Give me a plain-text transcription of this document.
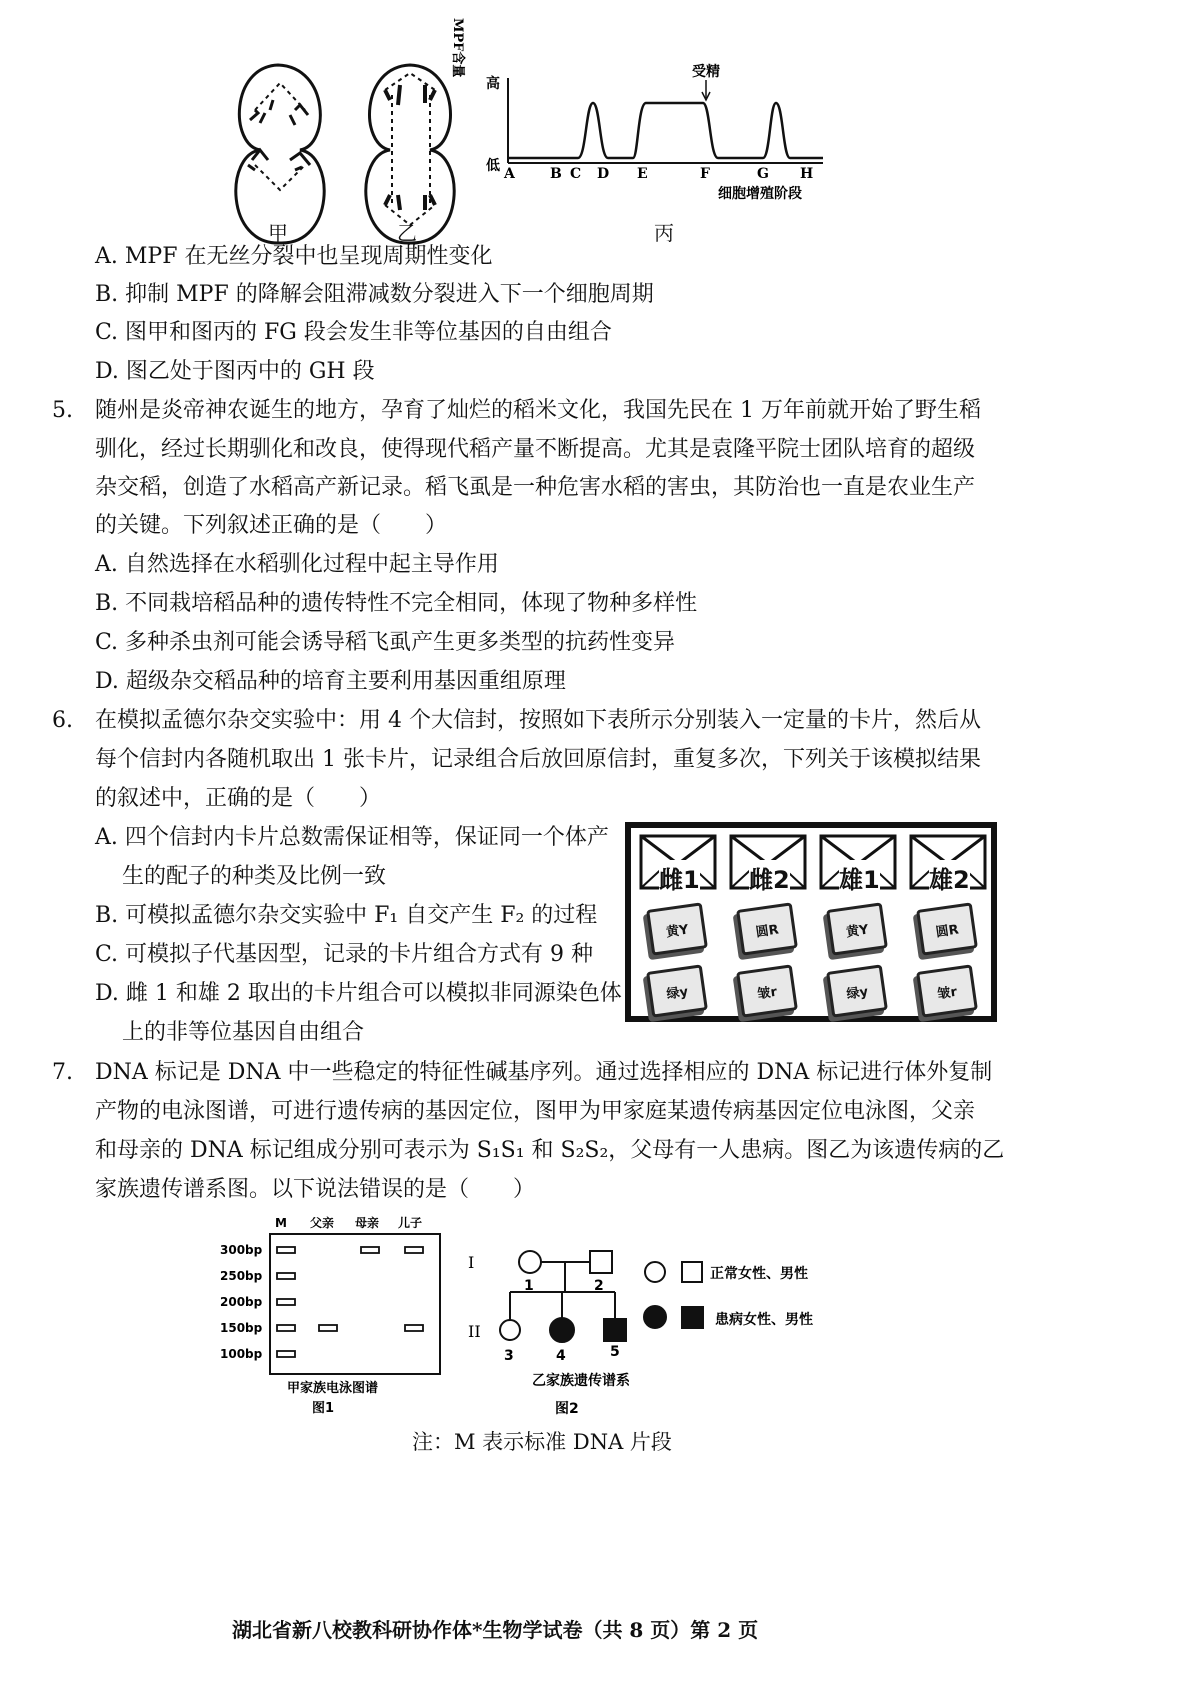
甲	乙	丙
受精
高
低
MPF含量
A	B C D E	F	G H
细胞增殖阶段
A. MPF 在无丝分裂中也呈现周期性变化
B. 抑制 MPF 的降解会阻滞减数分裂进入下一个细胞周期
C. 图甲和图丙的 FG 段会发生非等位基因的自由组合
D. 图乙处于图丙中的 GH 段
5. 随州是炎帝神农诞生的地方，孕育了灿烂的稻米文化，我国先民在 1 万年前就开始了野生稻
驯化，经过长期驯化和改良，使得现代稻产量不断提高。尤其是袁隆平院士团队培育的超级
杂交稻，创造了水稻高产新记录。稻飞虱是一种危害水稻的害虫，其防治也一直是农业生产
的关键。下列叙述正确的是（　　）
A. 自然选择在水稻驯化过程中起主导作用
B. 不同栽培稻品种的遗传特性不完全相同，体现了物种多样性
C. 多种杀虫剂可能会诱导稻飞虱产生更多类型的抗药性变异
D. 超级杂交稻品种的培育主要利用基因重组原理
6. 在模拟孟德尔杂交实验中：用 4 个大信封，按照如下表所示分别装入一定量的卡片，然后从
每个信封内各随机取出 1 张卡片，记录组合后放回原信封，重复多次，下列关于该模拟结果
的叙述中，正确的是（　　）
A. 四个信封内卡片总数需保证相等，保证同一个体产
生的配子的种类及比例一致
B. 可模拟孟德尔杂交实验中 F₁ 自交产生 F₂ 的过程
C. 可模拟子代基因型，记录的卡片组合方式有 9 种
D. 雌 1 和雄 2 取出的卡片组合可以模拟非同源染色体
上的非等位基因自由组合
雌1
黄Y
绿y
雌2
圆R
皱r
雄1
黄Y
绿y
雄2
圆R
皱r
7. DNA 标记是 DNA 中一些稳定的特征性碱基序列。通过选择相应的 DNA 标记进行体外复制
产物的电泳图谱，可进行遗传病的基因定位，图甲为甲家庭某遗传病基因定位电泳图，父亲
和母亲的 DNA 标记组成分别可表示为 S₁S₁ 和 S₂S₂，父母有一人患病。图乙为该遗传病的乙
家族遗传谱系图。以下说法错误的是（　　）
M 父亲 母亲 儿子
300bp
250bp
200bp
150bp
100bp
甲家族电泳图谱
图1
I
II
1	2
3	4	5
正常女性、男性
患病女性、男性
乙家族遗传谱系
图2
注：M 表示标准 DNA 片段
湖北省新八校教科研协作体*生物学试卷（共 8 页）第 2 页
